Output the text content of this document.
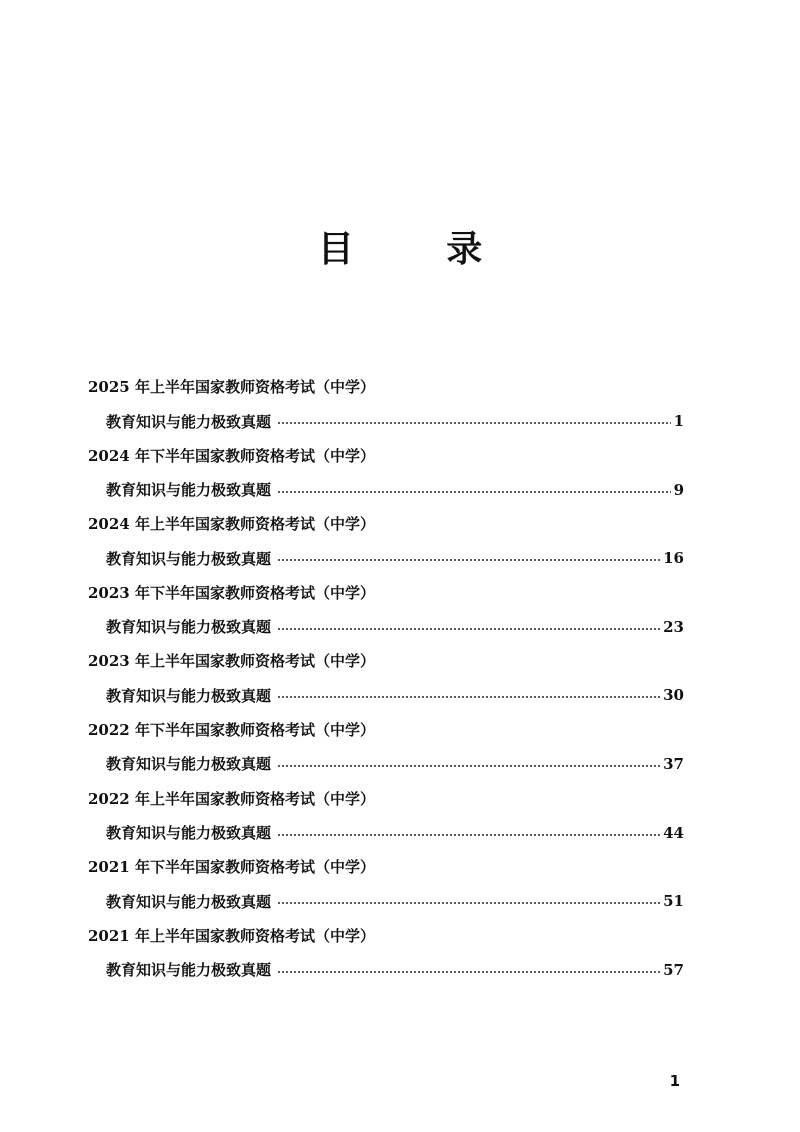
目 录
2025 年上半年国家教师资格考试（中学）
教育知识与能力极致真题	1
2024 年下半年国家教师资格考试（中学）
教育知识与能力极致真题	9
2024 年上半年国家教师资格考试（中学）
教育知识与能力极致真题	16
2023 年下半年国家教师资格考试（中学）
教育知识与能力极致真题	23
2023 年上半年国家教师资格考试（中学）
教育知识与能力极致真题	30
2022 年下半年国家教师资格考试（中学）
教育知识与能力极致真题	37
2022 年上半年国家教师资格考试（中学）
教育知识与能力极致真题	44
2021 年下半年国家教师资格考试（中学）
教育知识与能力极致真题	51
2021 年上半年国家教师资格考试（中学）
教育知识与能力极致真题	57
1
